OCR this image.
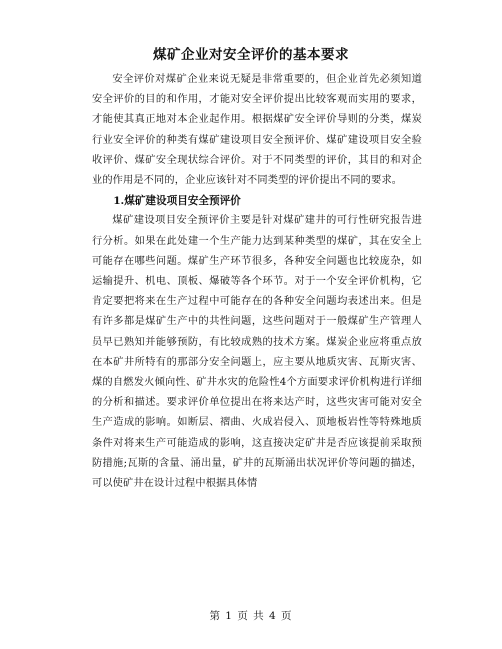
煤矿企业对安全评价的基本要求

安全评价对煤矿企业来说无疑是非常重要的，但企业首先必须知道安全评价的目的和作用，才能对安全评价提出比较客观而实用的要求，才能使其真正地对本企业起作用。根据煤矿安全评价导则的分类，煤炭行业安全评价的种类有煤矿建设项目安全预评价、煤矿建设项目安全验收评价、煤矿安全现状综合评价。对于不同类型的评价，其目的和对企业的作用是不同的，企业应该针对不同类型的评价提出不同的要求。

1.煤矿建设项目安全预评价

煤矿建设项目安全预评价主要是针对煤矿建井的可行性研究报告进行分析。如果在此处建一个生产能力达到某种类型的煤矿，其在安全上可能存在哪些问题。煤矿生产环节很多，各种安全问题也比较庞杂，如运输提升、机电、顶板、爆破等各个环节。对于一个安全评价机构，它肯定要把将来在生产过程中可能存在的各种安全问题均表述出来。但是有许多都是煤矿生产中的共性问题，这些问题对于一般煤矿生产管理人员早已熟知并能够预防，有比较成熟的技术方案。煤炭企业应将重点放在本矿井所特有的那部分安全问题上，应主要从地质灾害、瓦斯灾害、煤的自燃发火倾向性、矿井水灾的危险性4个方面要求评价机构进行详细的分析和描述。要求评价单位提出在将来达产时，这些灾害可能对安全生产造成的影响。如断层、褶曲、火成岩侵入、顶地板岩性等特殊地质条件对将来生产可能造成的影响，这直接决定矿井是否应该提前采取预防措施;瓦斯的含量、涌出量，矿井的瓦斯涌出状况评价等问题的描述，可以使矿井在设计过程中根据具体情

第 1 页 共 4 页
